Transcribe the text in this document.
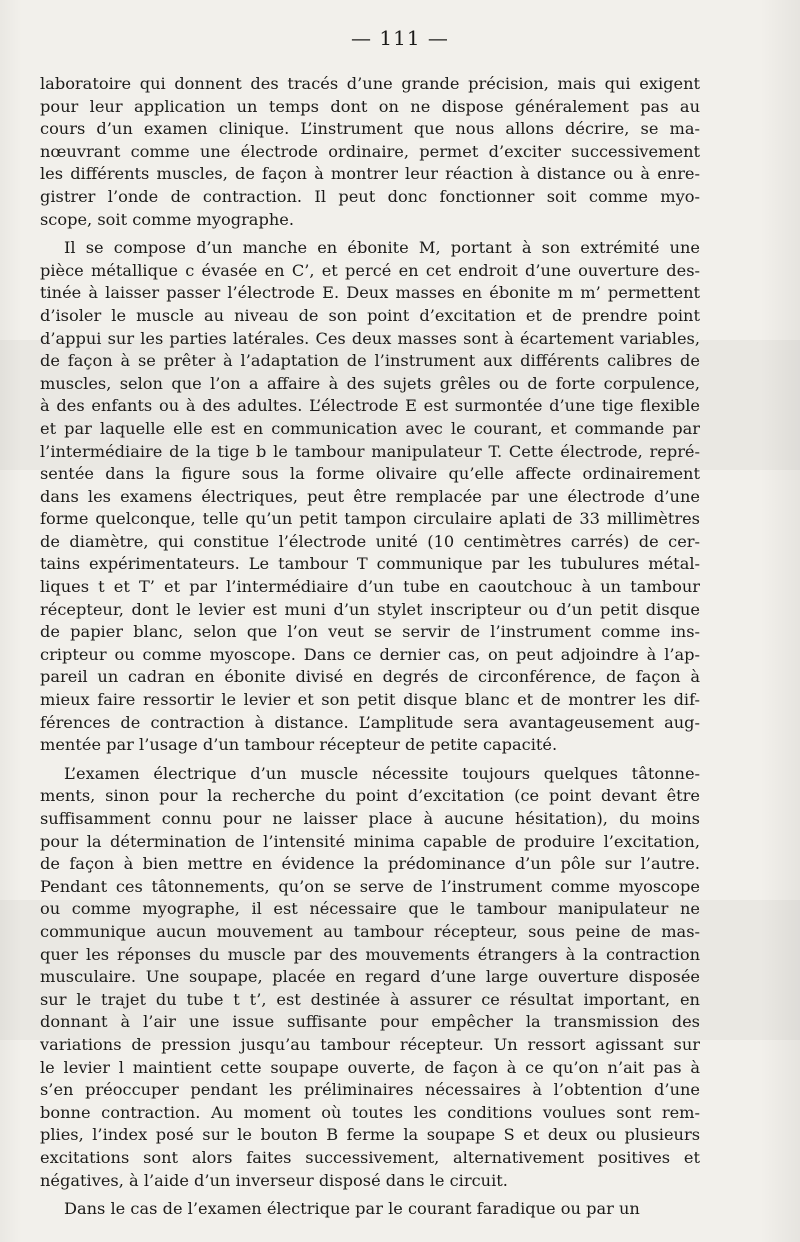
— 111 —
laboratoire qui donnent des tracés d’une grande précision, mais qui exigent
pour leur application un temps dont on ne dispose généralement pas au
cours d’un examen clinique. L’instrument que nous allons décrire, se ma-
nœuvrant comme une électrode ordinaire, permet d’exciter successivement
les différents muscles, de façon à montrer leur réaction à distance ou à enre-
gistrer l’onde de contraction. Il peut donc fonctionner soit comme myo-
scope, soit comme myographe.
Il se compose d’un manche en ébonite M, portant à son extrémité une
pièce métallique c évasée en C’, et percé en cet endroit d’une ouverture des-
tinée à laisser passer l’électrode E. Deux masses en ébonite m m’ permettent
d’isoler le muscle au niveau de son point d’excitation et de prendre point
d’appui sur les parties latérales. Ces deux masses sont à écartement variables,
de façon à se prêter à l’adaptation de l’instrument aux différents calibres de
muscles, selon que l’on a affaire à des sujets grêles ou de forte corpulence,
à des enfants ou à des adultes. L’électrode E est surmontée d’une tige flexible
et par laquelle elle est en communication avec le courant, et commande par
l’intermédiaire de la tige b le tambour manipulateur T. Cette électrode, repré-
sentée dans la figure sous la forme olivaire qu’elle affecte ordinairement
dans les examens électriques, peut être remplacée par une électrode d’une
forme quelconque, telle qu’un petit tampon circulaire aplati de 33 millimètres
de diamètre, qui constitue l’électrode unité (10 centimètres carrés) de cer-
tains expérimentateurs. Le tambour T communique par les tubulures métal-
liques t et T’ et par l’intermédiaire d’un tube en caoutchouc à un tambour
récepteur, dont le levier est muni d’un stylet inscripteur ou d’un petit disque
de papier blanc, selon que l’on veut se servir de l’instrument comme ins-
cripteur ou comme myoscope. Dans ce dernier cas, on peut adjoindre à l’ap-
pareil un cadran en ébonite divisé en degrés de circonférence, de façon à
mieux faire ressortir le levier et son petit disque blanc et de montrer les dif-
férences de contraction à distance. L’amplitude sera avantageusement aug-
mentée par l’usage d’un tambour récepteur de petite capacité.
L’examen électrique d’un muscle nécessite toujours quelques tâtonne-
ments, sinon pour la recherche du point d’excitation (ce point devant être
suffisamment connu pour ne laisser place à aucune hésitation), du moins
pour la détermination de l’intensité minima capable de produire l’excitation,
de façon à bien mettre en évidence la prédominance d’un pôle sur l’autre.
Pendant ces tâtonnements, qu’on se serve de l’instrument comme myoscope
ou comme myographe, il est nécessaire que le tambour manipulateur ne
communique aucun mouvement au tambour récepteur, sous peine de mas-
quer les réponses du muscle par des mouvements étrangers à la contraction
musculaire. Une soupape, placée en regard d’une large ouverture disposée
sur le trajet du tube t t’, est destinée à assurer ce résultat important, en
donnant à l’air une issue suffisante pour empêcher la transmission des
variations de pression jusqu’au tambour récepteur. Un ressort agissant sur
le levier l maintient cette soupape ouverte, de façon à ce qu’on n’ait pas à
s’en préoccuper pendant les préliminaires nécessaires à l’obtention d’une
bonne contraction. Au moment où toutes les conditions voulues sont rem-
plies, l’index posé sur le bouton B ferme la soupape S et deux ou plusieurs
excitations sont alors faites successivement, alternativement positives et
négatives, à l’aide d’un inverseur disposé dans le circuit.
Dans le cas de l’examen électrique par le courant faradique ou par un
